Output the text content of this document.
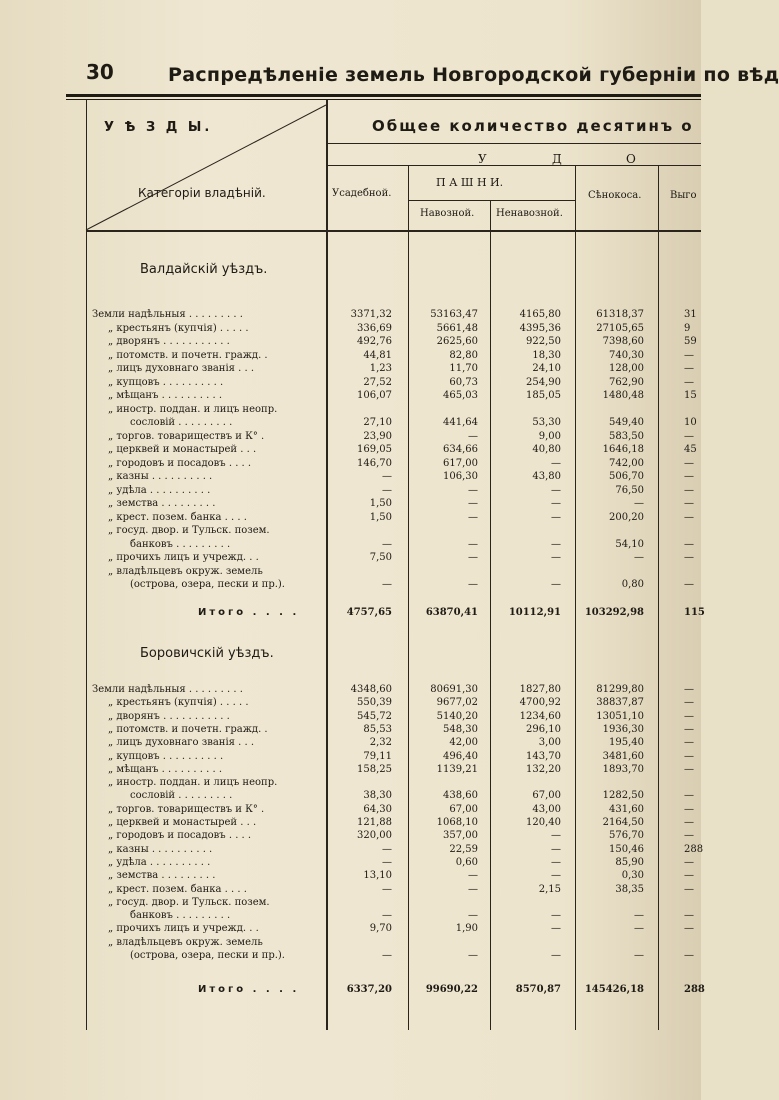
30	Распредѣленіе земель Новгородской губерніи по вѣд
У Ѣ З Д Ы.
Категоріи владѣній.
Общее количество десятинъ о
У	Д	О
Усадебной.
П А Ш Н И.
Навозной. Ненавозной.
Сѣнокоса.	Выго
Валдайскій уѣздъ.
Земли надѣльныя . . . . . . . . .	3371,32	53163,47	4165,80	61318,37	31
„ крестьянъ (купчія) . . . . .	336,69	5661,48	4395,36	27105,65	9
„ дворянъ . . . . . . . . . . .	492,76	2625,60	922,50	7398,60	59
„ потомств. и почетн. гражд. .	44,81	82,80	18,30	740,30	—
„ лицъ духовнаго званія . . .	1,23	11,70	24,10	128,00	—
„ купцовъ . . . . . . . . . .	27,52	60,73	254,90	762,90	—
„ мѣщанъ . . . . . . . . . .	106,07	465,03	185,05	1480,48	15
„ иностр. поддан. и лицъ неопр.
сословій . . . . . . . . .	27,10	441,64	53,30	549,40	10
„ торгов. товариществъ и К° .	23,90	—	9,00	583,50	—
„ церквей и монастырей . . .	169,05	634,66	40,80	1646,18	45
„ городовъ и посадовъ . . . .	146,70	617,00	—	742,00	—
„ казны . . . . . . . . . .	—	106,30	43,80	506,70	—
„ удѣла . . . . . . . . . .	—	—	—	76,50	—
„ земства . . . . . . . . .	1,50	—	—	—	—
„ крест. позем. банка . . . .	1,50	—	—	200,20	—
„ госуд. двор. и Тульск. позем.
банковъ . . . . . . . . .	—	—	—	54,10	—
„ прочихъ лицъ и учрежд. . .	7,50	—	—	—	—
„ владѣльцевъ окруж. земель
(острова, озера, пески и пр.).	—	—	—	0,80	—
Итого . . . .	4757,65	63870,41	10112,91	103292,98	115
Боровичскій уѣздъ.
Земли надѣльныя . . . . . . . . .	4348,60	80691,30	1827,80	81299,80	—
„ крестьянъ (купчія) . . . . .	550,39	9677,02	4700,92	38837,87	—
„ дворянъ . . . . . . . . . . .	545,72	5140,20	1234,60	13051,10	—
„ потомств. и почетн. гражд. .	85,53	548,30	296,10	1936,30	—
„ лицъ духовнаго званія . . .	2,32	42,00	3,00	195,40	—
„ купцовъ . . . . . . . . . .	79,11	496,40	143,70	3481,60	—
„ мѣщанъ . . . . . . . . . .	158,25	1139,21	132,20	1893,70	—
„ иностр. поддан. и лицъ неопр.
сословій . . . . . . . . .	38,30	438,60	67,00	1282,50	—
„ торгов. товариществъ и К° .	64,30	67,00	43,00	431,60	—
„ церквей и монастырей . . .	121,88	1068,10	120,40	2164,50	—
„ городовъ и посадовъ . . . .	320,00	357,00	—	576,70	—
„ казны . . . . . . . . . .	—	22,59	—	150,46	288
„ удѣла . . . . . . . . . .	—	0,60	—	85,90	—
„ земства . . . . . . . . .	13,10	—	—	0,30	—
„ крест. позем. банка . . . .	—	—	2,15	38,35	—
„ госуд. двор. и Тульск. позем.
банковъ . . . . . . . . .	—	—	—	—	—
„ прочихъ лицъ и учрежд. . .	9,70	1,90	—	—	—
„ владѣльцевъ окруж. земель
(острова, озера, пески и пр.).	—	—	—	—	—
Итого . . . .	6337,20	99690,22	8570,87	145426,18	288
